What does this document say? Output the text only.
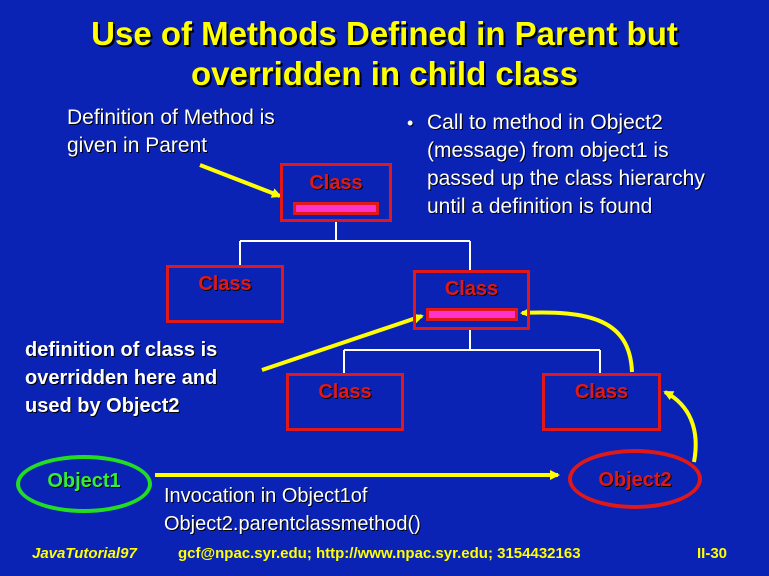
Use of Methods Defined in Parent but
overridden in child class
Definition of Method is
given in Parent
• Call to method in Object2
(message) from object1 is
passed up the class hierarchy
until a definition is found
definition of class is
overridden here and
used by Object2
Class
Class	Class
Class	Class
Object1	Object2
Invocation in Object1of
Object2.parentclassmethod()
JavaTutorial97	gcf@npac.syr.edu; http://www.npac.syr.edu; 3154432163	II-30
